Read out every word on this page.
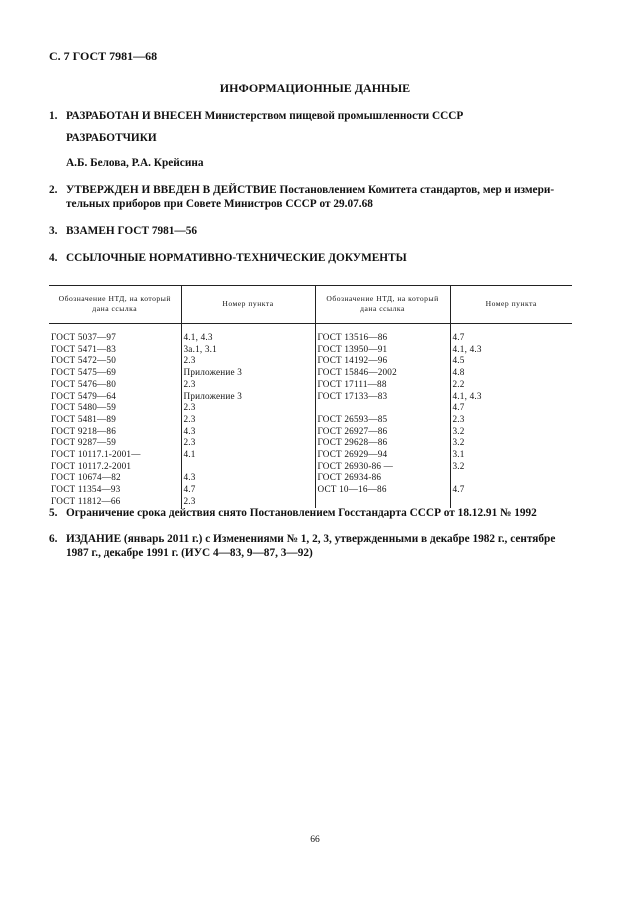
С. 7 ГОСТ 7981—68
ИНФОРМАЦИОННЫЕ ДАННЫЕ
1. РАЗРАБОТАН И ВНЕСЕН Министерством пищевой промышленности СССР
РАЗРАБОТЧИКИ
А.Б. Белова, Р.А. Крейсина
2. УТВЕРЖДЕН И ВВЕДЕН В ДЕЙСТВИЕ Постановлением Комитета стандартов, мер и измери-
тельных приборов при Совете Министров СССР от 29.07.68
3. ВЗАМЕН ГОСТ 7981—56
4. ССЫЛОЧНЫЕ НОРМАТИВНО-ТЕХНИЧЕСКИЕ ДОКУМЕНТЫ
Обозначение НТД, на который дана ссылка	Номер пункта	Обозначение НТД, на который дана ссылка	Номер пункта
ГОСТ 5037—97	4.1, 4.3	ГОСТ 13516—86	4.7
ГОСТ 5471—83	3а.1, 3.1	ГОСТ 13950—91	4.1, 4.3
ГОСТ 5472—50	2.3	ГОСТ 14192—96	4.5
ГОСТ 5475—69	Приложение 3	ГОСТ 15846—2002	4.8
ГОСТ 5476—80	2.3	ГОСТ 17111—88	2.2
ГОСТ 5479—64	Приложение 3	ГОСТ 17133—83	4.1, 4.3
ГОСТ 5480—59	2.3		4.7
ГОСТ 5481—89	2.3	ГОСТ 26593—85	2.3
ГОСТ 9218—86	4.3	ГОСТ 26927—86	3.2
ГОСТ 9287—59	2.3	ГОСТ 29628—86	3.2
ГОСТ 10117.1-2001—	4.1	ГОСТ 26929—94	3.1
ГОСТ 10117.2-2001		ГОСТ 26930-86 —	3.2
ГОСТ 10674—82	4.3	ГОСТ 26934-86	
ГОСТ 11354—93	4.7	ОСТ 10—16—86	4.7
ГОСТ 11812—66	2.3		
5. Ограничение срока действия снято Постановлением Госстандарта СССР от 18.12.91 № 1992
6. ИЗДАНИЕ (январь 2011 г.) с Изменениями № 1, 2, 3, утвержденными в декабре 1982 г., сентябре
1987 г., декабре 1991 г. (ИУС 4—83, 9—87, 3—92)
66
